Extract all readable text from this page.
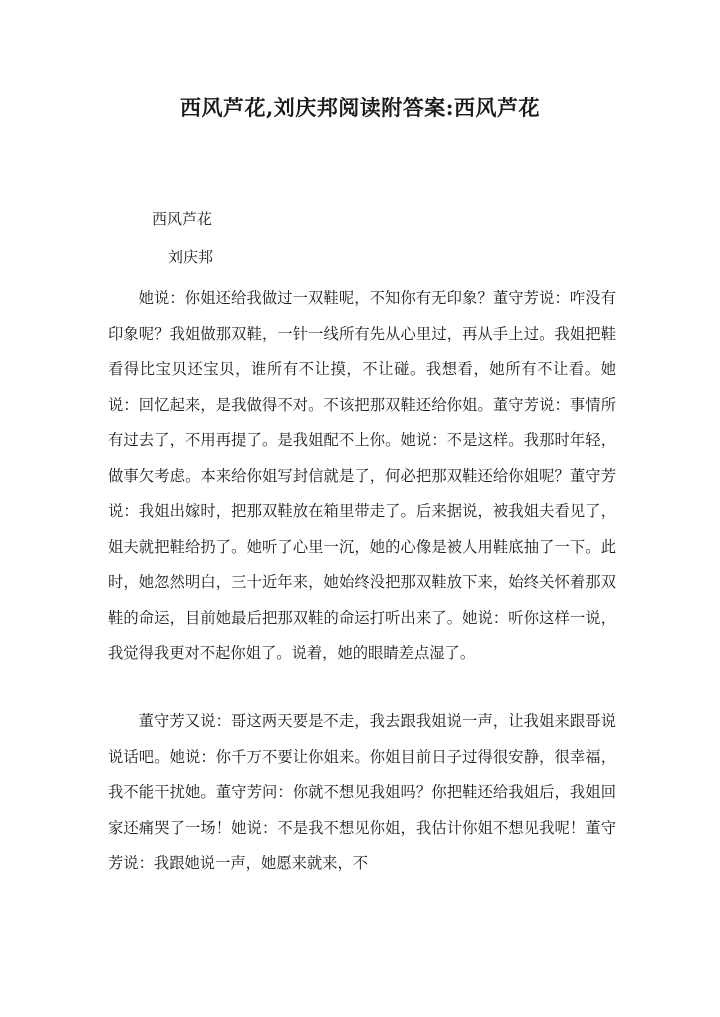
西风芦花,刘庆邦阅读附答案:西风芦花

西风芦花

刘庆邦

她说：你姐还给我做过一双鞋呢，不知你有无印象？董守芳说：咋没有印象呢？我姐做那双鞋，一针一线所有先从心里过，再从手上过。我姐把鞋看得比宝贝还宝贝，谁所有不让摸，不让碰。我想看，她所有不让看。她说：回忆起来，是我做得不对。不该把那双鞋还给你姐。董守芳说：事情所有过去了，不用再提了。是我姐配不上你。她说：不是这样。我那时年轻，做事欠考虑。本来给你姐写封信就是了，何必把那双鞋还给你姐呢？董守芳说：我姐出嫁时，把那双鞋放在箱里带走了。后来据说，被我姐夫看见了，姐夫就把鞋给扔了。她听了心里一沉，她的心像是被人用鞋底抽了一下。此时，她忽然明白，三十近年来，她始终没把那双鞋放下来，始终关怀着那双鞋的命运，目前她最后把那双鞋的命运打听出来了。她说：听你这样一说，我觉得我更对不起你姐了。说着，她的眼睛差点湿了。

董守芳又说：哥这两天要是不走，我去跟我姐说一声，让我姐来跟哥说说话吧。她说：你千万不要让你姐来。你姐目前日子过得很安静，很幸福，我不能干扰她。董守芳问：你就不想见我姐吗？你把鞋还给我姐后，我姐回家还痛哭了一场！她说：不是我不想见你姐，我估计你姐不想见我呢！董守芳说：我跟她说一声，她愿来就来，不
